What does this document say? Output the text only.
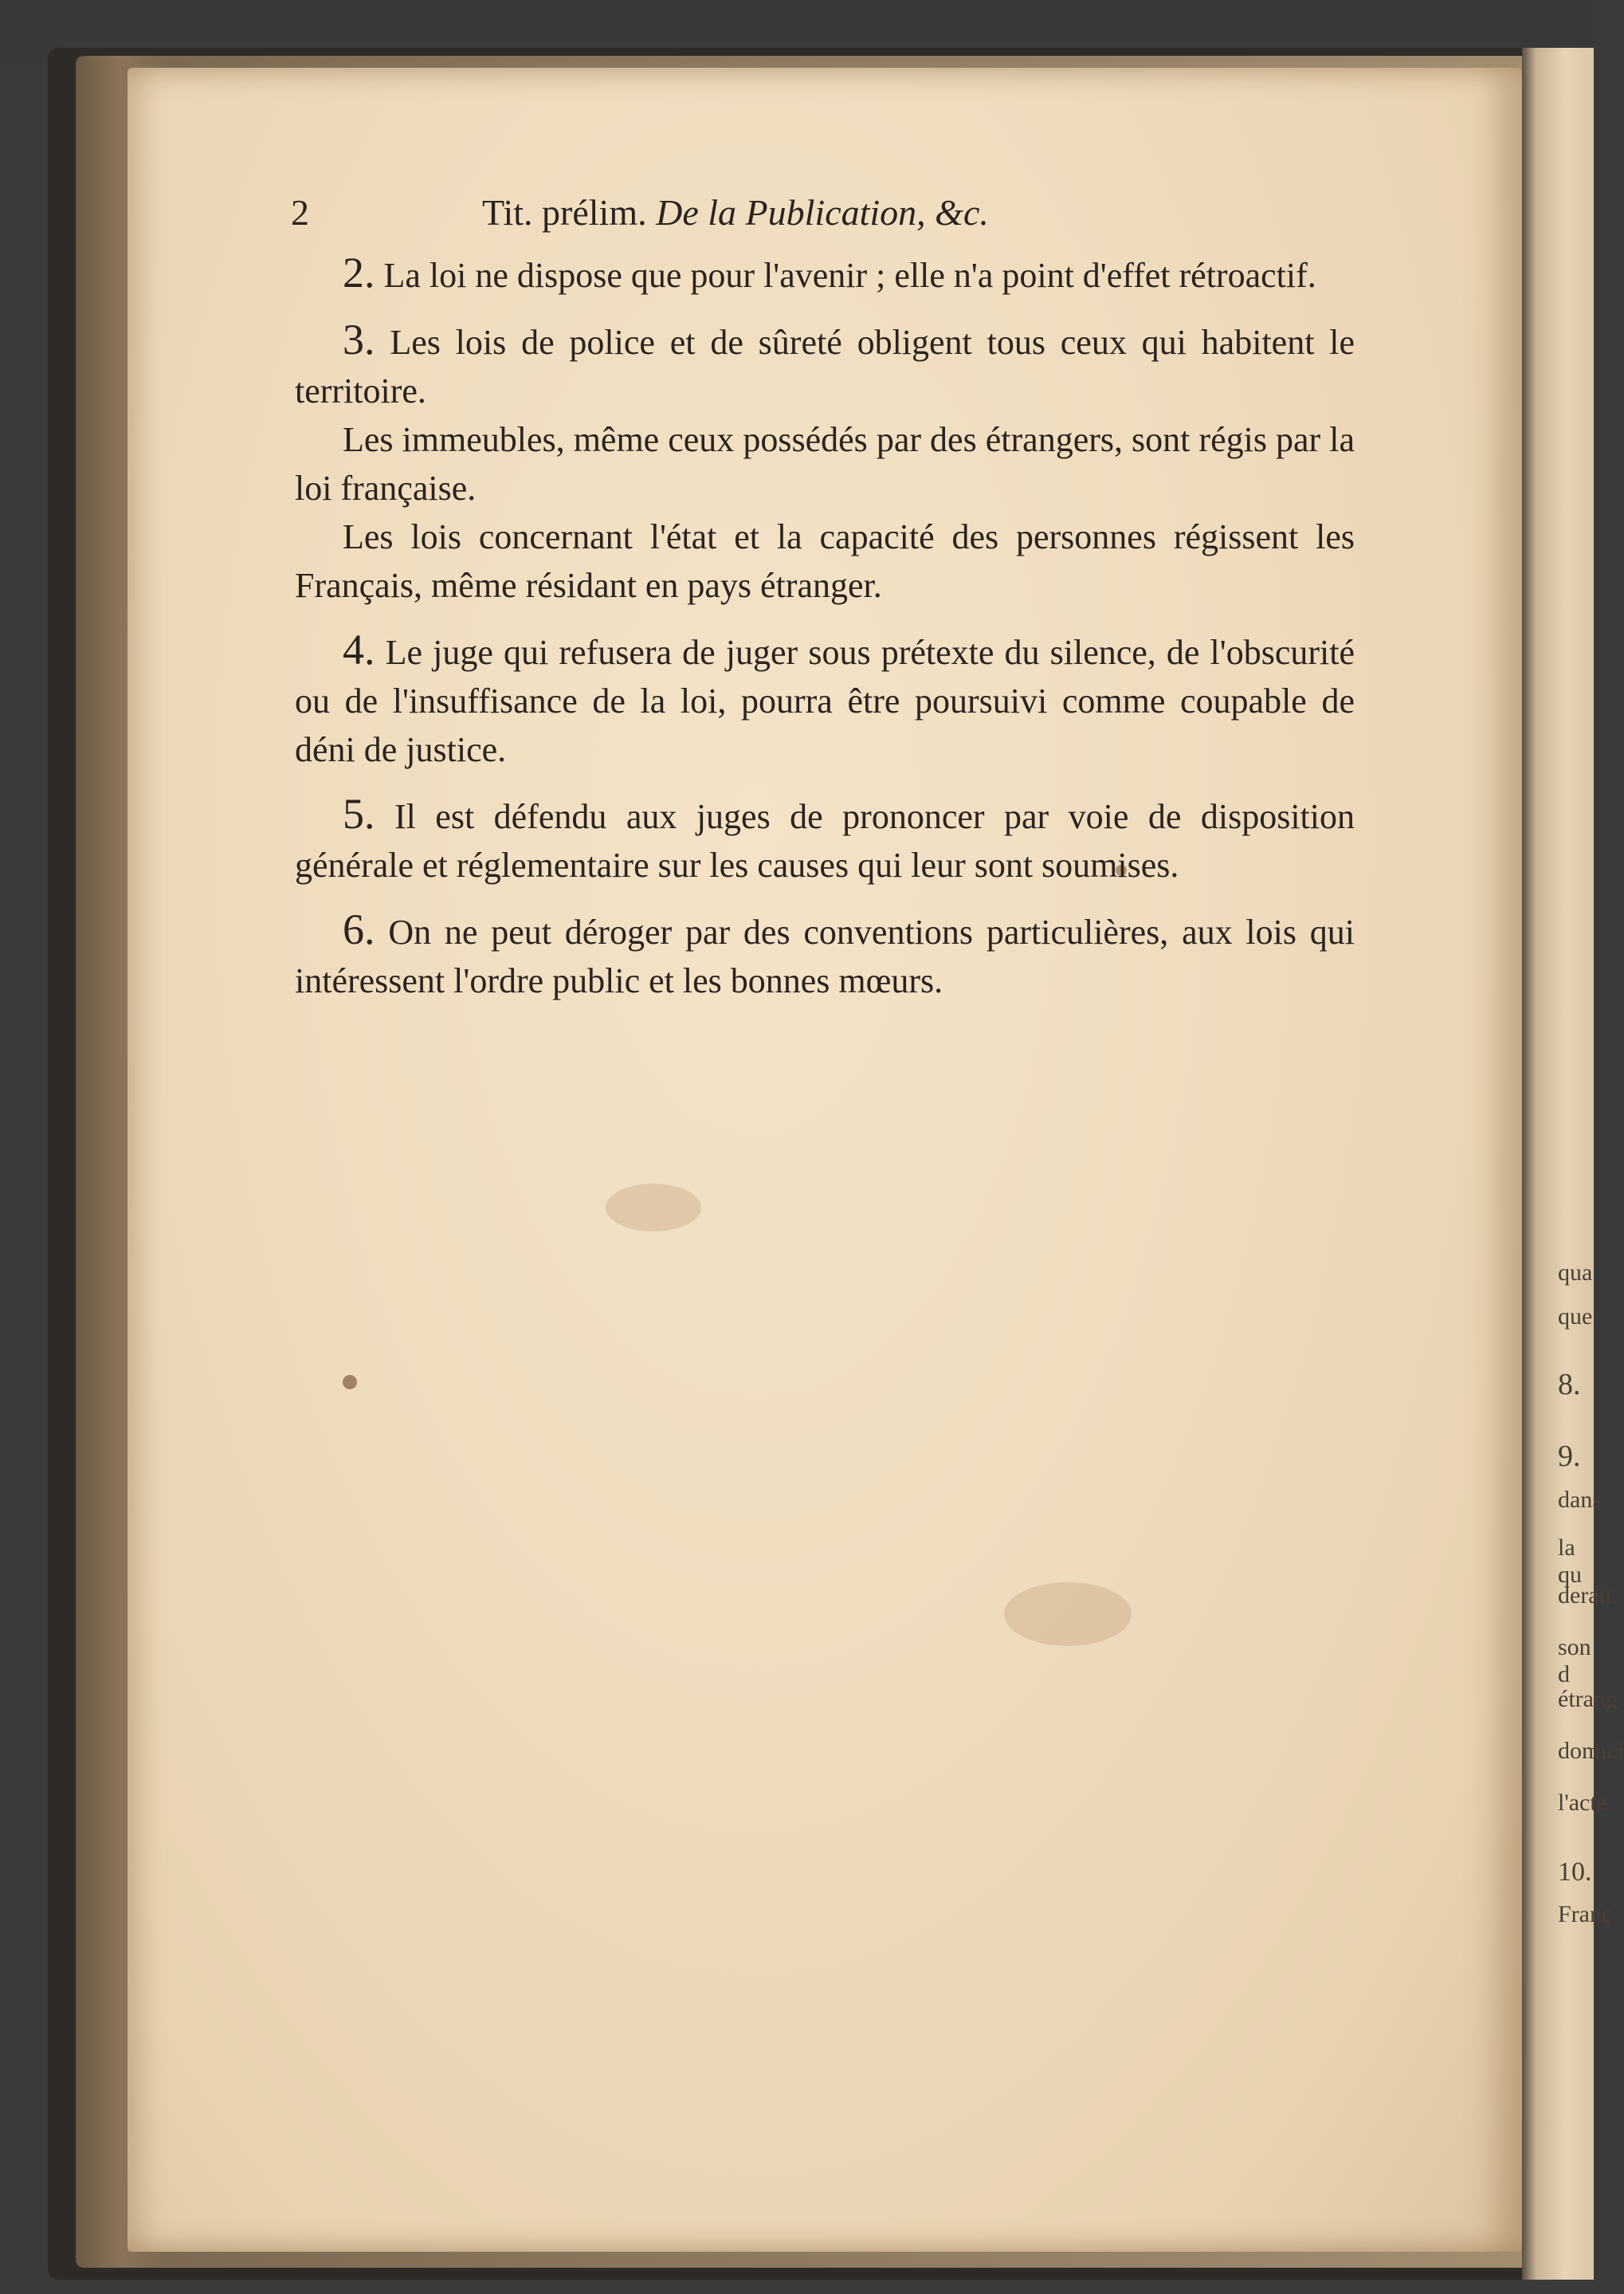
2	Tit. prélim. De la Publication, &c.

2. La loi ne dispose que pour l'avenir ; elle n'a point d'effet rétroactif.

3. Les lois de police et de sûreté obligent tous ceux qui habitent le territoire.

Les immeubles, même ceux possédés par des étrangers, sont régis par la loi française.

Les lois concernant l'état et la capacité des personnes régissent les Français, même résidant en pays étranger.

4. Le juge qui refusera de juger sous prétexte du silence, de l'obscurité ou de l'insuffisance de la loi, pourra être poursuivi comme coupable de déni de justice.

5. Il est défendu aux juges de prononcer par voie de disposition générale et réglementaire sur les causes qui leur sont soumises.

6. On ne peut déroger par des conventions particulières, aux lois qui intéressent l'ordre public et les bonnes mœurs.

qua
que
8.
9.
dans
la qu
derait
son d
étrang
domici
l'acte
10.
Franç
